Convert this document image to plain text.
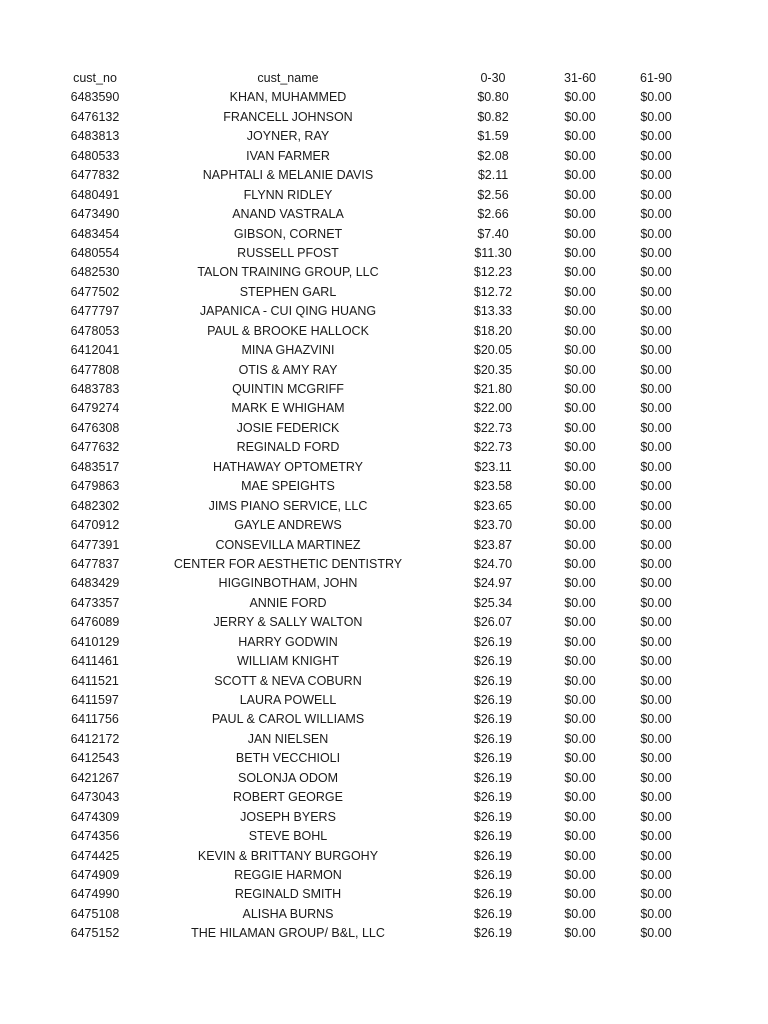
cust_no	cust_name	0-30	31-60	61-90
6483590	KHAN, MUHAMMED	$0.80	$0.00	$0.00
6476132	FRANCELL JOHNSON	$0.82	$0.00	$0.00
6483813	JOYNER, RAY	$1.59	$0.00	$0.00
6480533	IVAN FARMER	$2.08	$0.00	$0.00
6477832	NAPHTALI & MELANIE DAVIS	$2.11	$0.00	$0.00
6480491	FLYNN RIDLEY	$2.56	$0.00	$0.00
6473490	ANAND VASTRALA	$2.66	$0.00	$0.00
6483454	GIBSON, CORNET	$7.40	$0.00	$0.00
6480554	RUSSELL PFOST	$11.30	$0.00	$0.00
6482530	TALON TRAINING GROUP, LLC	$12.23	$0.00	$0.00
6477502	STEPHEN GARL	$12.72	$0.00	$0.00
6477797	JAPANICA - CUI QING HUANG	$13.33	$0.00	$0.00
6478053	PAUL & BROOKE HALLOCK	$18.20	$0.00	$0.00
6412041	MINA GHAZVINI	$20.05	$0.00	$0.00
6477808	OTIS & AMY RAY	$20.35	$0.00	$0.00
6483783	QUINTIN MCGRIFF	$21.80	$0.00	$0.00
6479274	MARK E WHIGHAM	$22.00	$0.00	$0.00
6476308	JOSIE FEDERICK	$22.73	$0.00	$0.00
6477632	REGINALD FORD	$22.73	$0.00	$0.00
6483517	HATHAWAY OPTOMETRY	$23.11	$0.00	$0.00
6479863	MAE SPEIGHTS	$23.58	$0.00	$0.00
6482302	JIMS PIANO SERVICE, LLC	$23.65	$0.00	$0.00
6470912	GAYLE ANDREWS	$23.70	$0.00	$0.00
6477391	CONSEVILLA MARTINEZ	$23.87	$0.00	$0.00
6477837	CENTER FOR AESTHETIC DENTISTRY	$24.70	$0.00	$0.00
6483429	HIGGINBOTHAM, JOHN	$24.97	$0.00	$0.00
6473357	ANNIE FORD	$25.34	$0.00	$0.00
6476089	JERRY & SALLY WALTON	$26.07	$0.00	$0.00
6410129	HARRY GODWIN	$26.19	$0.00	$0.00
6411461	WILLIAM KNIGHT	$26.19	$0.00	$0.00
6411521	SCOTT & NEVA COBURN	$26.19	$0.00	$0.00
6411597	LAURA POWELL	$26.19	$0.00	$0.00
6411756	PAUL & CAROL WILLIAMS	$26.19	$0.00	$0.00
6412172	JAN NIELSEN	$26.19	$0.00	$0.00
6412543	BETH VECCHIOLI	$26.19	$0.00	$0.00
6421267	SOLONJA ODOM	$26.19	$0.00	$0.00
6473043	ROBERT GEORGE	$26.19	$0.00	$0.00
6474309	JOSEPH BYERS	$26.19	$0.00	$0.00
6474356	STEVE BOHL	$26.19	$0.00	$0.00
6474425	KEVIN & BRITTANY BURGOHY	$26.19	$0.00	$0.00
6474909	REGGIE HARMON	$26.19	$0.00	$0.00
6474990	REGINALD SMITH	$26.19	$0.00	$0.00
6475108	ALISHA BURNS	$26.19	$0.00	$0.00
6475152	THE HILAMAN GROUP/ B&L, LLC	$26.19	$0.00	$0.00
